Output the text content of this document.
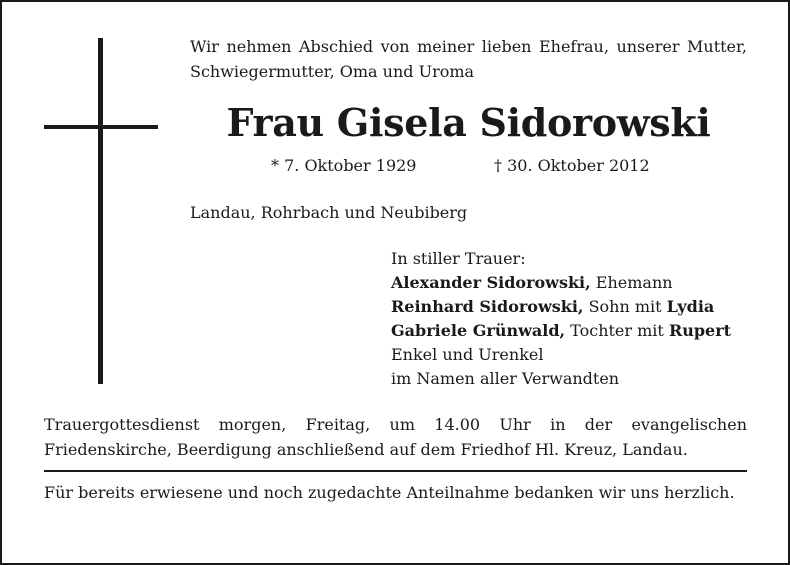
Wir nehmen Abschied von meiner lieben Ehefrau, unserer Mutter, Schwiegermutter, Oma und Uroma
Frau Gisela Sidorowski
* 7. Oktober 1929	† 30. Oktober 2012
Landau, Rohrbach und Neubiberg
In stiller Trauer:
Alexander Sidorowski, Ehemann
Reinhard Sidorowski, Sohn mit Lydia
Gabriele Grünwald, Tochter mit Rupert
Enkel und Urenkel
im Namen aller Verwandten
Trauergottesdienst morgen, Freitag, um 14.00 Uhr in der evangelischen Friedenskirche, Beerdigung anschließend auf dem Friedhof Hl. Kreuz, Landau.
Für bereits erwiesene und noch zugedachte Anteilnahme bedanken wir uns herzlich.
